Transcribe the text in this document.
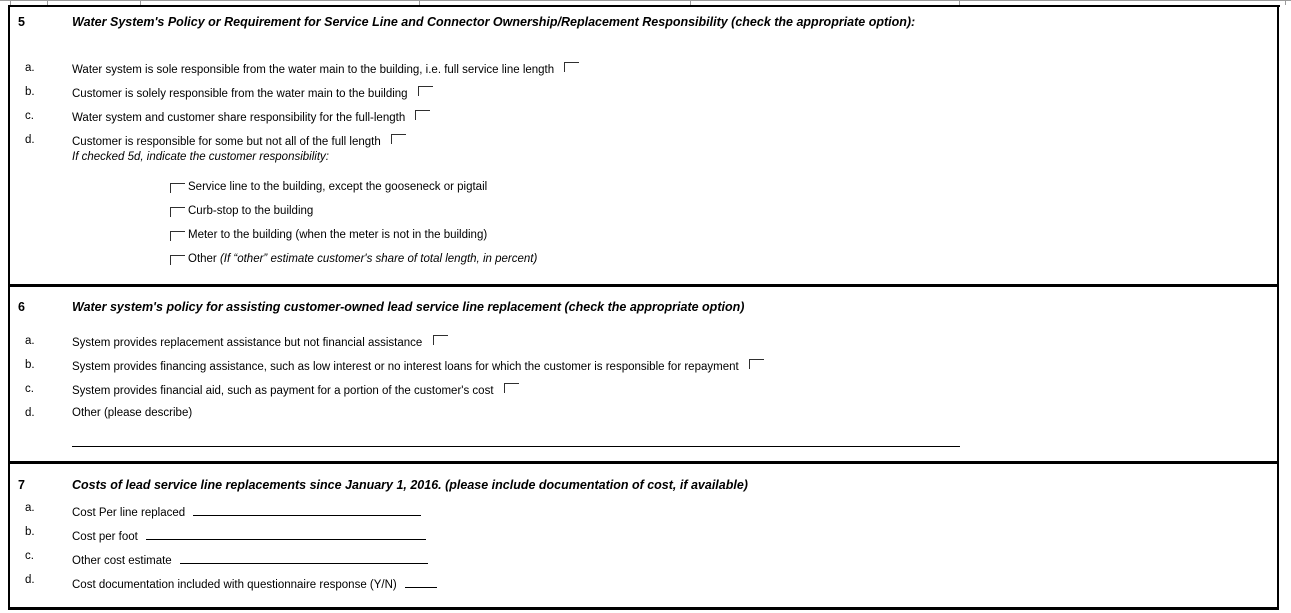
5	Water System's Policy or Requirement for Service Line and Connector Ownership/Replacement Responsibility (check the appropriate option):
a.	Water system is sole responsible from the water main to the building, i.e. full service line length
b.	Customer is solely responsible from the water main to the building
c.	Water system and customer share responsibility for the full-length
d.	Customer is responsible for some but not all of the full length
If checked 5d, indicate the customer responsibility:
Service line to the building, except the gooseneck or pigtail
Curb-stop to the building
Meter to the building (when the meter is not in the building)
Other (If “other” estimate customer's share of total length, in percent)
6	Water system's policy for assisting customer-owned lead service line replacement (check the appropriate option)
a.	System provides replacement assistance but not financial assistance
b.	System provides financing assistance, such as low interest or no interest loans for which the customer is responsible for repayment
c.	System provides financial aid, such as payment for a portion of the customer's cost
d.	Other (please describe)
7	Costs of lead service line replacements since January 1, 2016. (please include documentation of cost, if available)
a.	Cost Per line replaced
b.	Cost per foot
c.	Other cost estimate
d.	Cost documentation included with questionnaire response (Y/N)
